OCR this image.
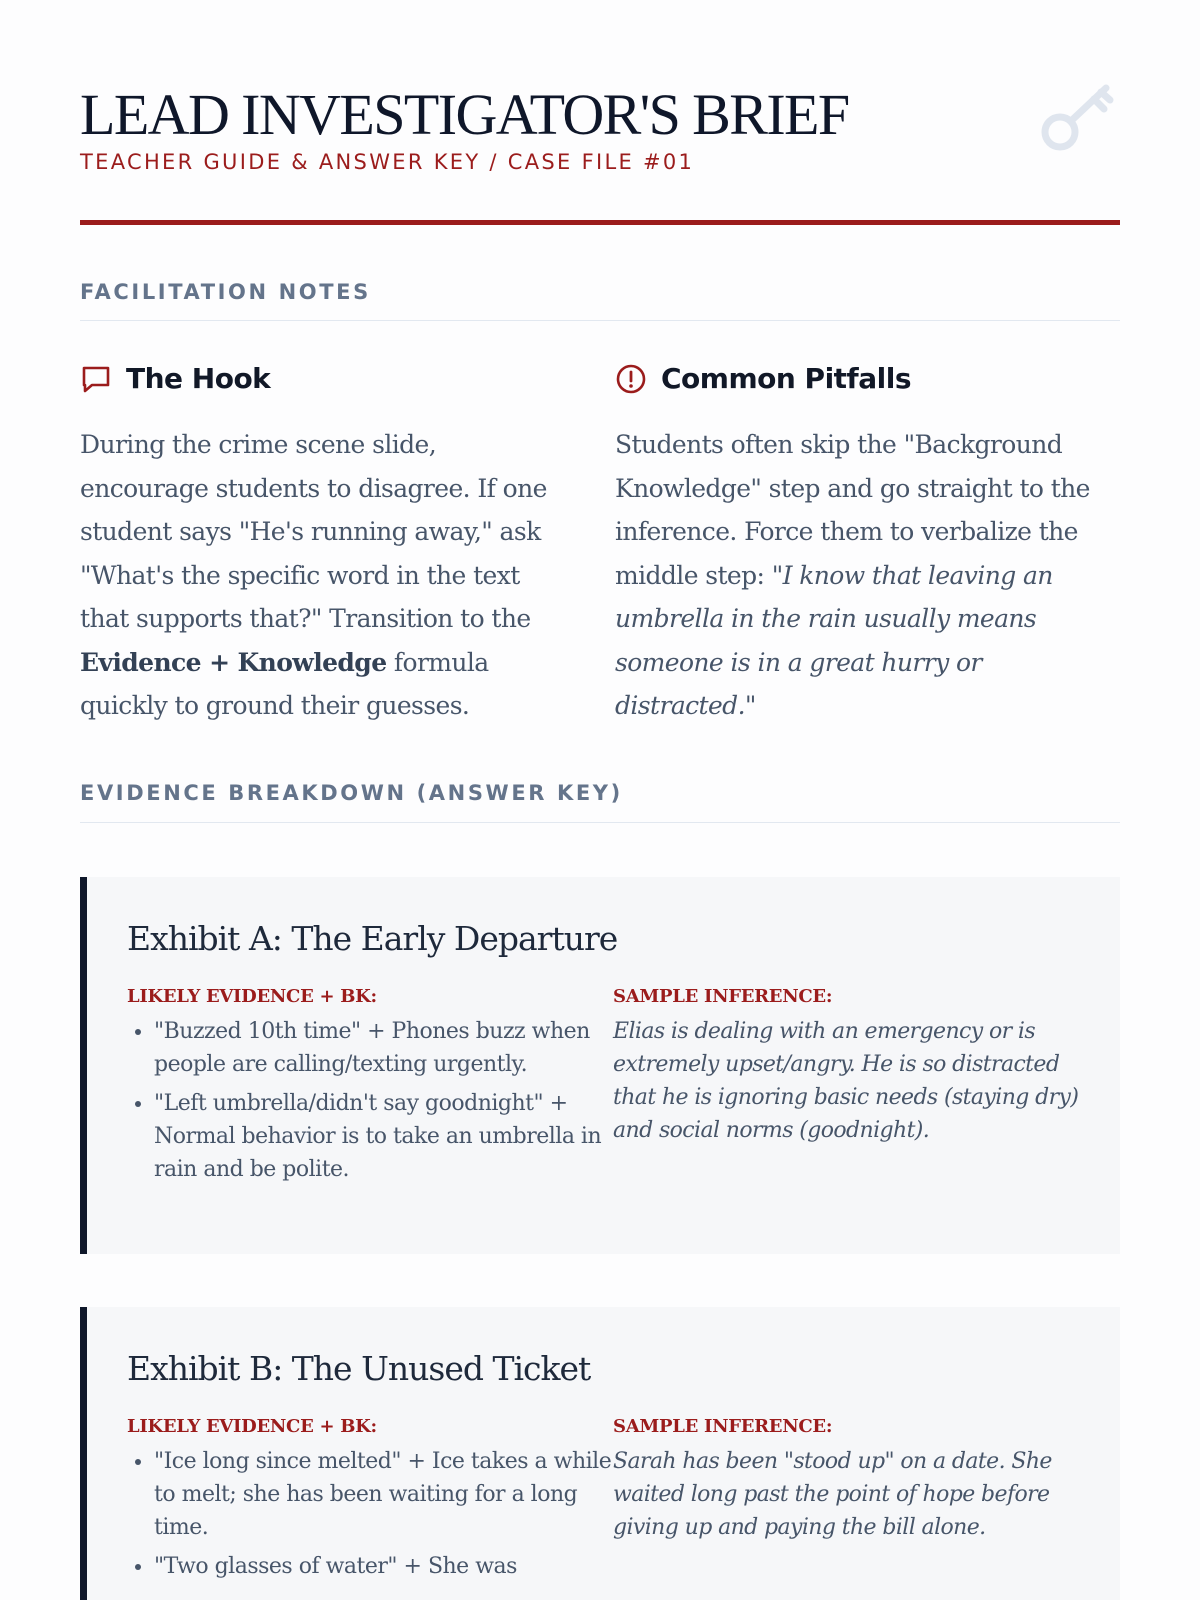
LEAD INVESTIGATOR'S BRIEF
TEACHER GUIDE & ANSWER KEY / CASE FILE #01
FACILITATION NOTES
The Hook

During the crime scene slide, encourage students to disagree. If one student says "He's running away," ask "What's the specific word in the text that supports that?" Transition to the Evidence + Knowledge formula quickly to ground their guesses.

Common Pitfalls

Students often skip the "Background Knowledge" step and go straight to the inference. Force them to verbalize the middle step: "I know that leaving an umbrella in the rain usually means someone is in a great hurry or distracted."

EVIDENCE BREAKDOWN (ANSWER KEY)
Exhibit A: The Early Departure
LIKELY EVIDENCE + BK:	SAMPLE INFERENCE:
• "Buzzed 10th time" + Phones buzz when people are calling/texting urgently.
• "Left umbrella/didn't say goodnight" + Normal behavior is to take an umbrella in rain and be polite.

Elias is dealing with an emergency or is extremely upset/angry. He is so distracted that he is ignoring basic needs (staying dry) and social norms (goodnight).

Exhibit B: The Unused Ticket
LIKELY EVIDENCE + BK:	SAMPLE INFERENCE:
• "Ice long since melted" + Ice takes a while to melt; she has been waiting for a long time.
• "Two glasses of water" + She was

Sarah has been "stood up" on a date. She waited long past the point of hope before giving up and paying the bill alone.
